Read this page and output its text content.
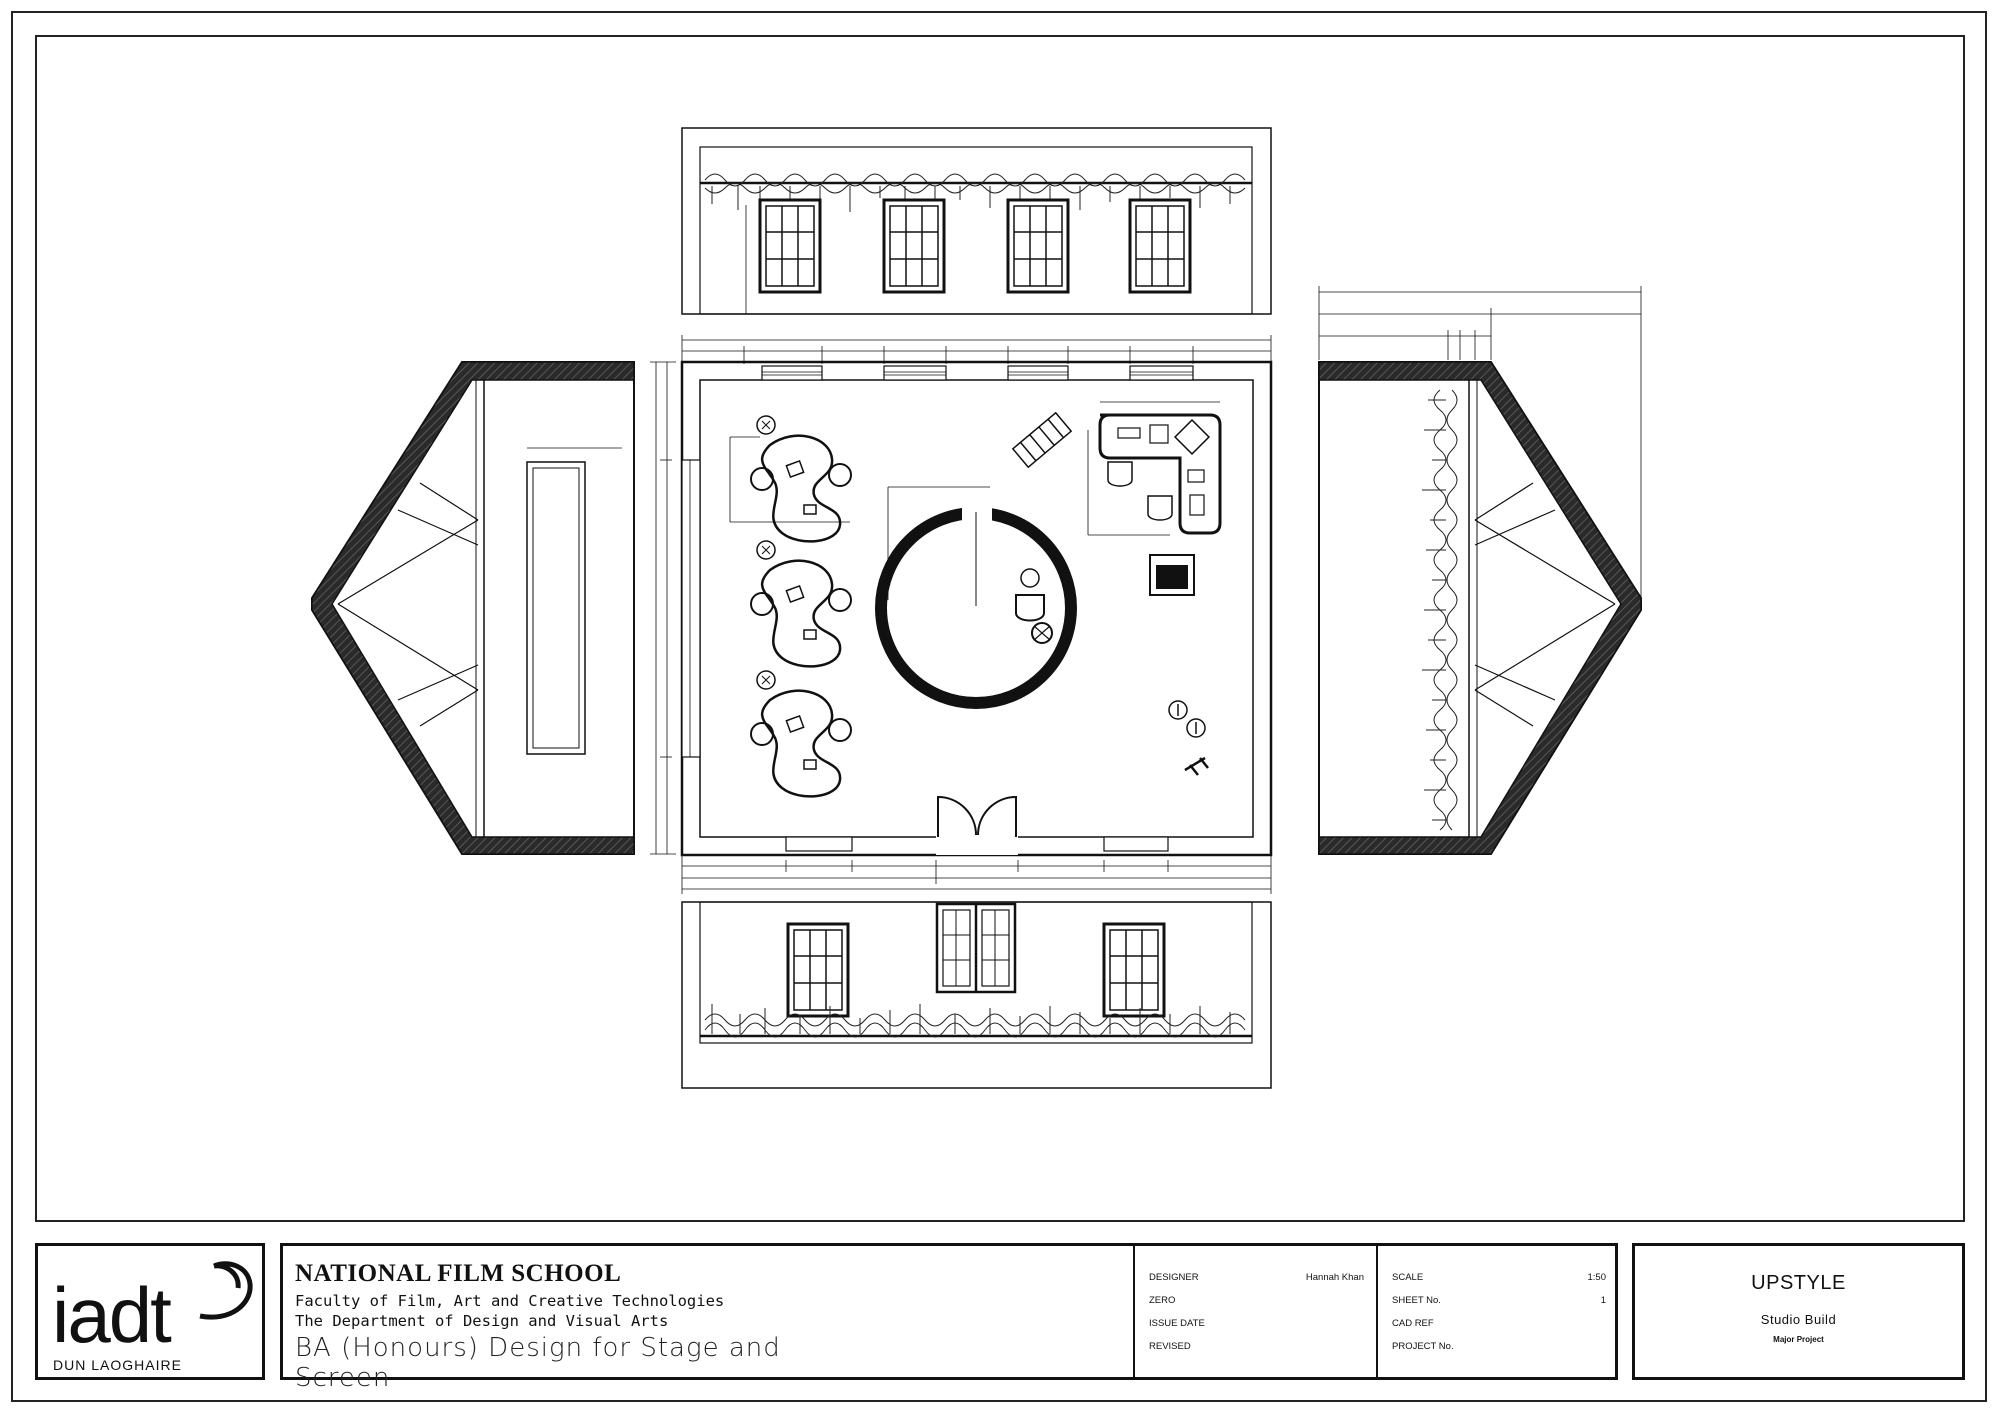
iadt
DUN LAOGHAIRE
NATIONAL FILM SCHOOL
Faculty of Film, Art and Creative Technologies
The Department of Design and Visual Arts
BA (Honours) Design for Stage and Screen
DESIGNER	Hannah Khan
ZERO
ISSUE DATE
REVISED
SCALE	1:50
SHEET No.	1
CAD REF
PROJECT No.
UPSTYLE
Studio Build
Major Project
